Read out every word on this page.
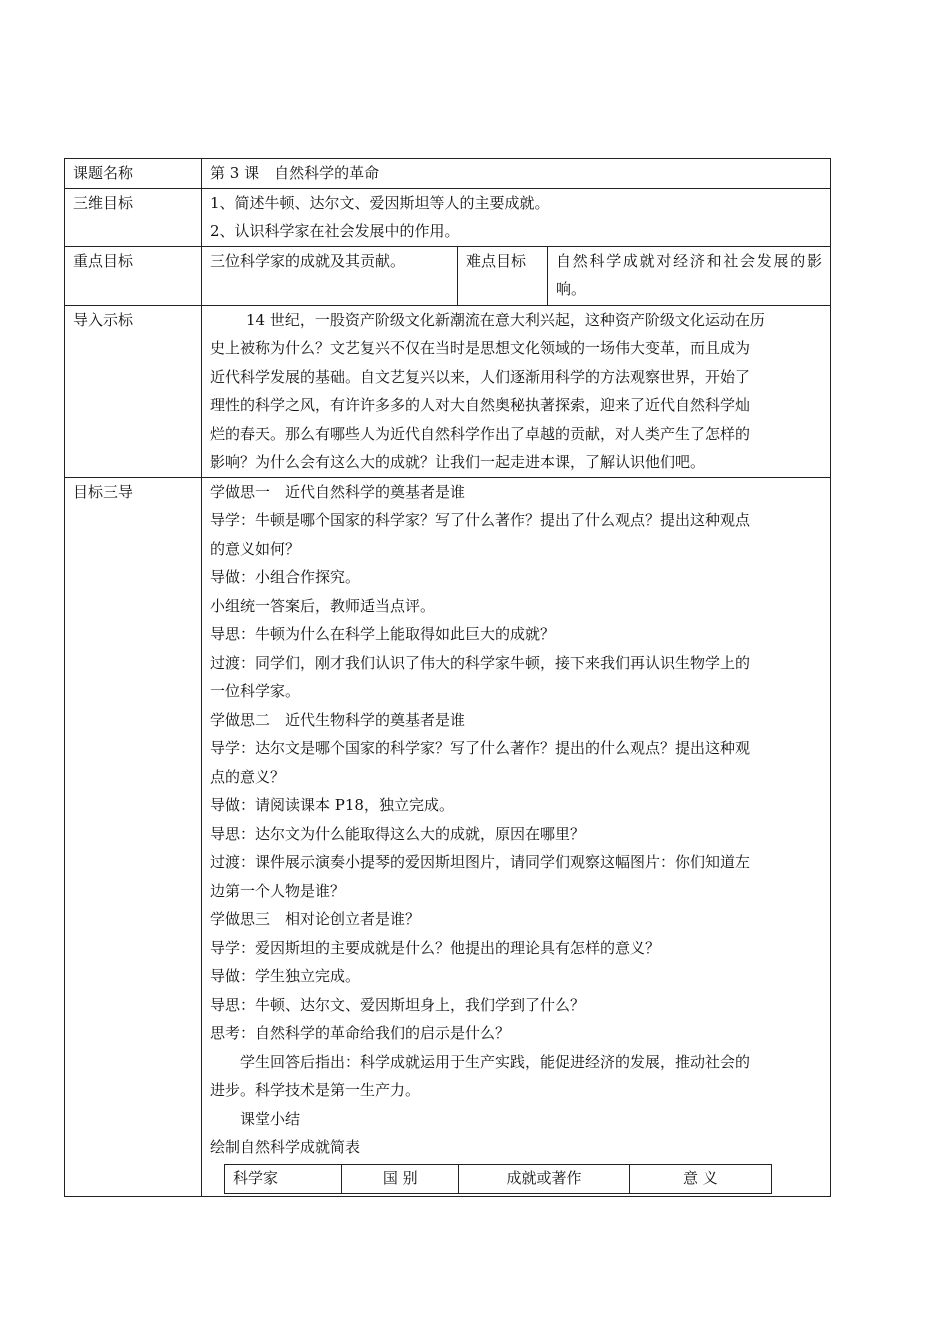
课题名称	第 3 课　自然科学的革命
三维目标	1、简述牛顿、达尔文、爱因斯坦等人的主要成就。
2、认识科学家在社会发展中的作用。

重点目标	三位科学家的成就及其贡献。	难点目标	自然科学成就对经济和社会发展的影响。
导入示标	14 世纪，一股资产阶级文化新潮流在意大利兴起，这种资产阶级文化运动在历
史上被称为什么？文艺复兴不仅在当时是思想文化领域的一场伟大变革，而且成为
近代科学发展的基础。自文艺复兴以来，人们逐渐用科学的方法观察世界，开始了
理性的科学之风，有许许多多的人对大自然奥秘执著探索，迎来了近代自然科学灿
烂的春天。那么有哪些人为近代自然科学作出了卓越的贡献，对人类产生了怎样的
影响？为什么会有这么大的成就？让我们一起走进本课，了解认识他们吧。

目标三导	学做思一　近代自然科学的奠基者是谁
导学：牛顿是哪个国家的科学家？写了什么著作？提出了什么观点？提出这种观点
的意义如何？
导做：小组合作探究。
小组统一答案后，教师适当点评。
导思：牛顿为什么在科学上能取得如此巨大的成就？
过渡：同学们，刚才我们认识了伟大的科学家牛顿，接下来我们再认识生物学上的
一位科学家。
学做思二　近代生物科学的奠基者是谁
导学：达尔文是哪个国家的科学家？写了什么著作？提出的什么观点？提出这种观
点的意义？
导做：请阅读课本 P18，独立完成。
导思：达尔文为什么能取得这么大的成就，原因在哪里？
过渡：课件展示演奏小提琴的爱因斯坦图片，请同学们观察这幅图片：你们知道左
边第一个人物是谁？
学做思三　相对论创立者是谁？
导学：爱因斯坦的主要成就是什么？他提出的理论具有怎样的意义？
导做：学生独立完成。
导思：牛顿、达尔文、爱因斯坦身上，我们学到了什么？
思考：自然科学的革命给我们的启示是什么？
学生回答后指出：科学成就运用于生产实践，能促进经济的发展，推动社会的
进步。科学技术是第一生产力。
课堂小结
绘制自然科学成就简表
科学家	国 别	成就或著作	意 义
